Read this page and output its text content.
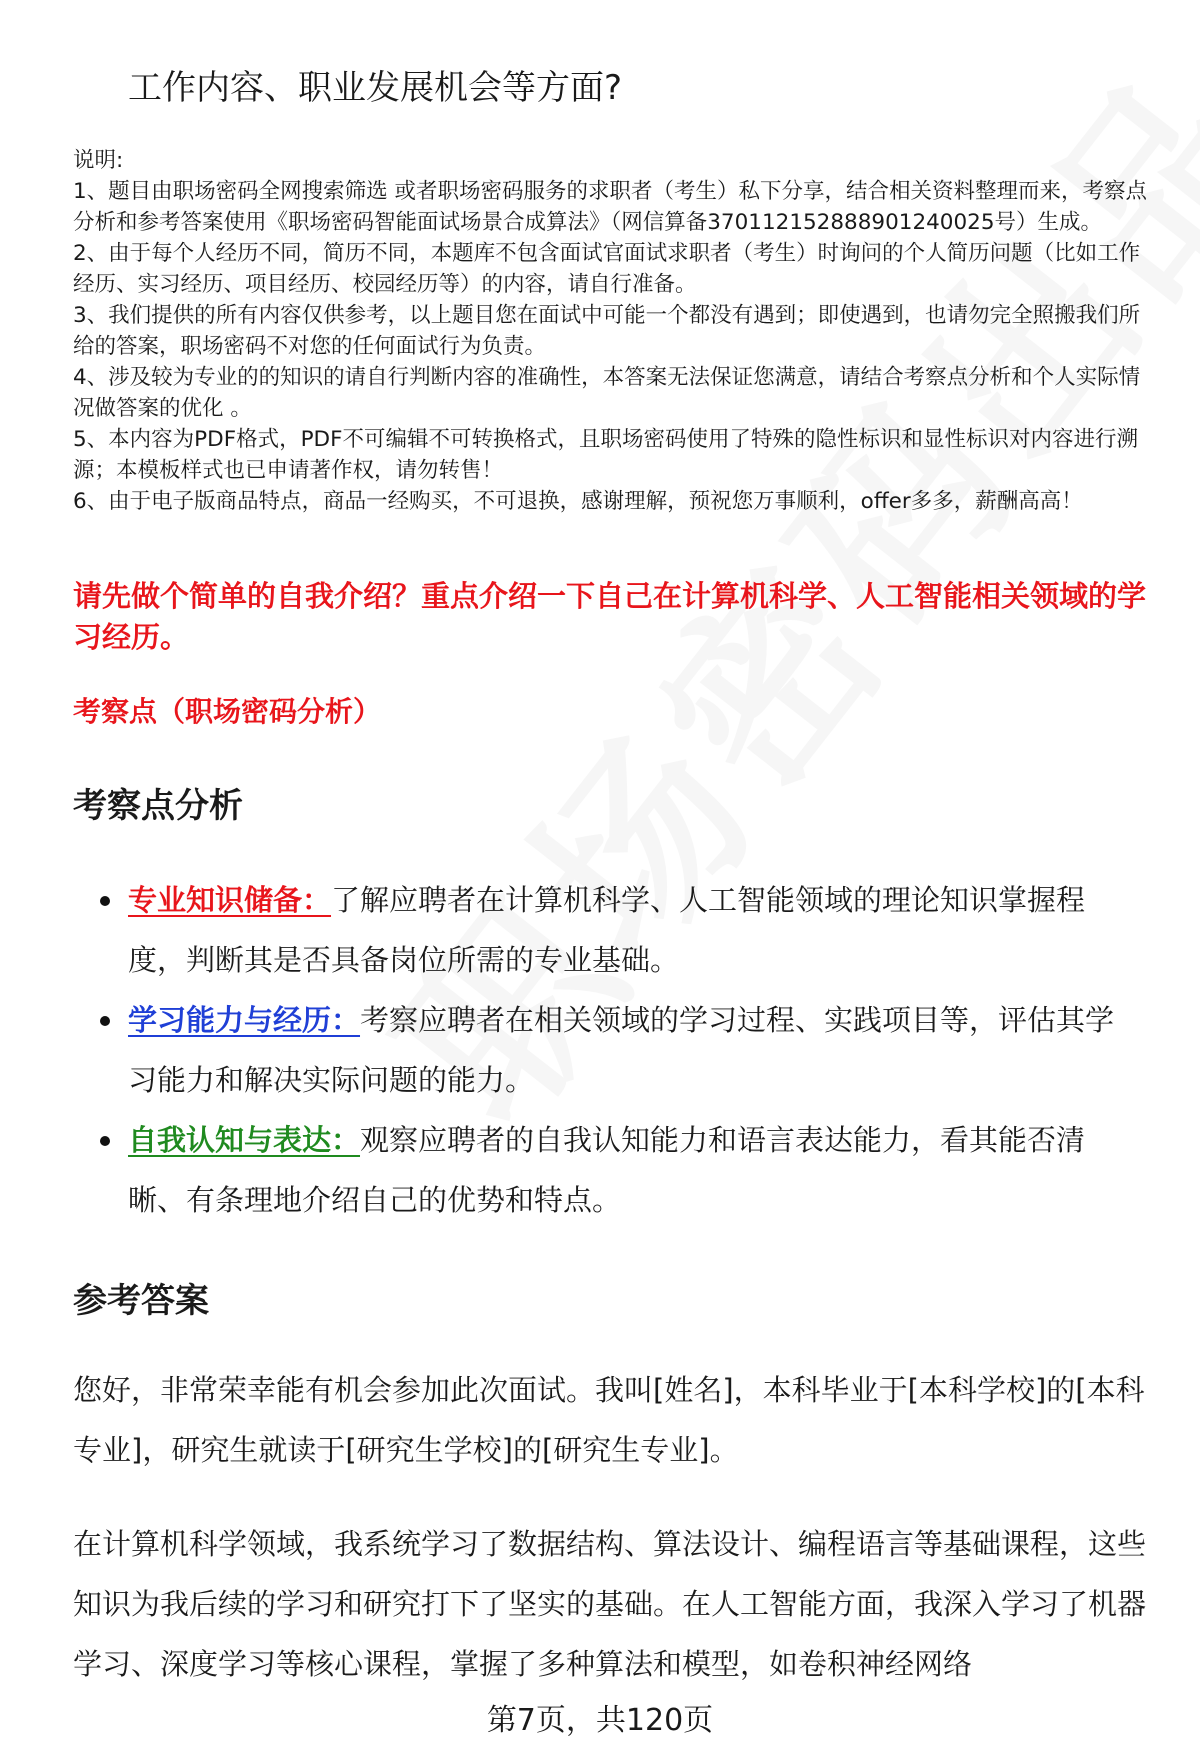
工作内容、职业发展机会等方面?

说明:

1、题目由职场密码全网搜索筛选 或者职场密码服务的求职者（考生）私下分享，结合相关资料整理而来，考察点分析和参考答案使用《职场密码智能面试场景合成算法》（网信算备370112152888901240025号）生成。

2、由于每个人经历不同，简历不同，本题库不包含面试官面试求职者（考生）时询问的个人简历问题（比如工作经历、实习经历、项目经历、校园经历等）的内容，请自行准备。

3、我们提供的所有内容仅供参考，以上题目您在面试中可能一个都没有遇到；即使遇到，也请勿完全照搬我们所给的答案，职场密码不对您的任何面试行为负责。

4、涉及较为专业的的知识的请自行判断内容的准确性，本答案无法保证您满意，请结合考察点分析和个人实际情况做答案的优化 。

5、本内容为PDF格式，PDF不可编辑不可转换格式，且职场密码使用了特殊的隐性标识和显性标识对内容进行溯源；本模板样式也已申请著作权，请勿转售！

6、由于电子版商品特点，商品一经购买，不可退换，感谢理解，预祝您万事顺利，offer多多，薪酬高高！

请先做个简单的自我介绍？重点介绍一下自己在计算机科学、人工智能相关领域的学习经历。
考察点（职场密码分析）
考察点分析
专业知识储备：了解应聘者在计算机科学、人工智能领域的理论知识掌握程度，判断其是否具备岗位所需的专业基础。
学习能力与经历：考察应聘者在相关领域的学习过程、实践项目等，评估其学习能力和解决实际问题的能力。
自我认知与表达：观察应聘者的自我认知能力和语言表达能力，看其能否清晰、有条理地介绍自己的优势和特点。
参考答案

您好，非常荣幸能有机会参加此次面试。我叫[姓名]，本科毕业于[本科学校]的[本科专业]，研究生就读于[研究生学校]的[研究生专业]。

在计算机科学领域，我系统学习了数据结构、算法设计、编程语言等基础课程，这些知识为我后续的学习和研究打下了坚实的基础。在人工智能方面，我深入学习了机器学习、深度学习等核心课程，掌握了多种算法和模型，如卷积神经网络

第7页，共120页
